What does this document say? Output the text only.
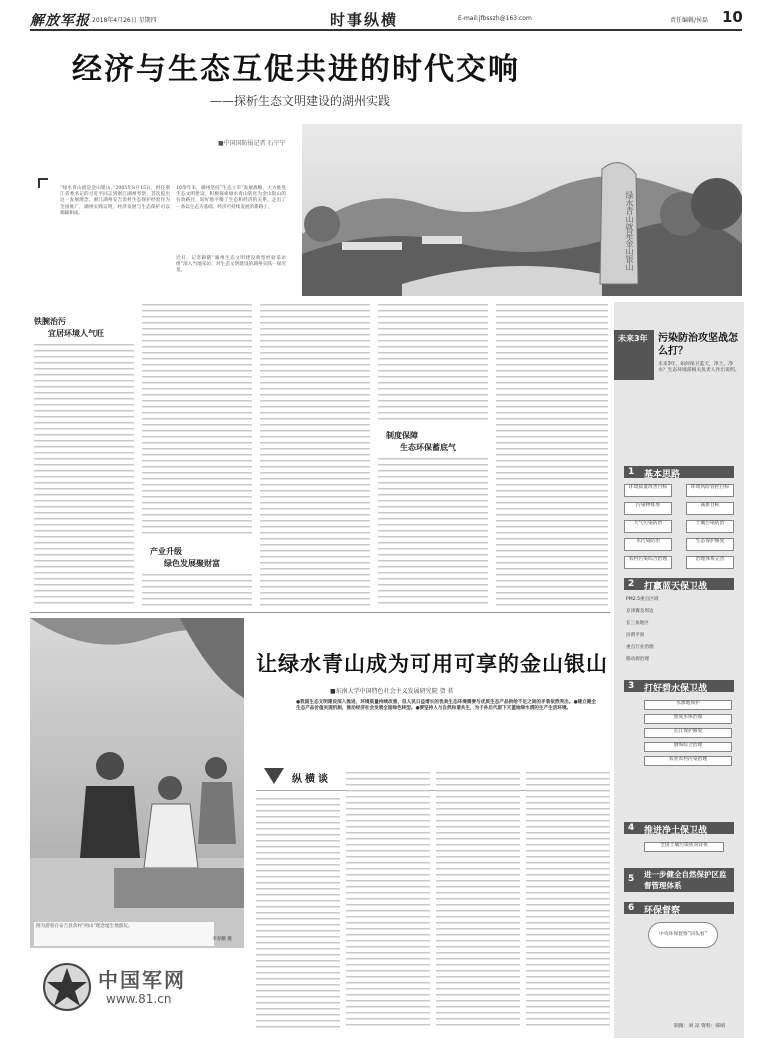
解放军报 2018年4月26日 星期四	时事纵横	E-mail:jfbsszh@163.com	责任编辑/侯磊 10
经济与生态互促共进的时代交响
——探析生态文明建设的湖州实践
■中国国防报记者 石宁宁
绿水青山就是金山银山
“绿水青山就是金山银山。”2005年8月15日，时任浙江省委书记的习近平同志到浙江湖州考察，首次提出这一发展理念。浙江湖州安吉余村生态保护经验作为全国推广，湖州实践证明，经济发展与生态保护可以相辅相成。
10余年来，湖州坚持“生态立市”发展战略，大力推进生态文明建设，积极探索绿水青山转化为金山银山的有效路径，较好地平衡了生态和经济的关系。走出了一条以生态为基础、经济可持续发展的新路子。
近日，记者跟随“湖州生态文明建设典型经验采访组”深入当地采访，对生态文明建设的湖州实践一探究竟。
铁腕治污
宜居环境人气旺
产业升级
绿色发展聚财富
制度保障
生态环保蓄底气
图为游客在安吉县余村“两山”理念诞生地游玩。
李春鹏 摄
让绿水青山成为可用可享的金山银山
■东南大学中国特色社会主义发展研究院 贺 茗
●我国生态文明建设深入推进，环境质量持续改善，但人民日益增长的优美生态环境需要与优质生态产品供给不足之间的矛盾依然突出。●建立健全生态产品价值实现机制，推动经济社会发展全面绿色转型。●要坚持人与自然和谐共生，为子孙后代留下天蓝地绿水清的生产生活环境。
纵横谈
中国军网
www.81.cn
未来3年	污染防治攻坚战怎么打？
未来3年，如何保卫蓝天，净土，净水？生态环境部相关负责人作出说明。
1 基本思路
环境质量改善目标	环境风险管控目标
污染物排放	减排目标
大气污染防治	土壤污染防治
水污染防治	生态保护修复
农村污染综合治理	治理体系完善
2 打赢蓝天保卫战
PM2.5重点区域
京津冀及周边
长三角地区
汾渭平原
重点行业治理
移动源治理
3 打好碧水保卫战
水源地保护
黑臭水体治理
长江保护修复
渤海综合治理
农业农村污染治理
4 推进净土保卫战
全国土壤污染状况详查
5 进一步健全自然保护区监督管理体系
6 环保督察
中央环保督察“回头看”
制图：刘 凉 资料：韩晴
